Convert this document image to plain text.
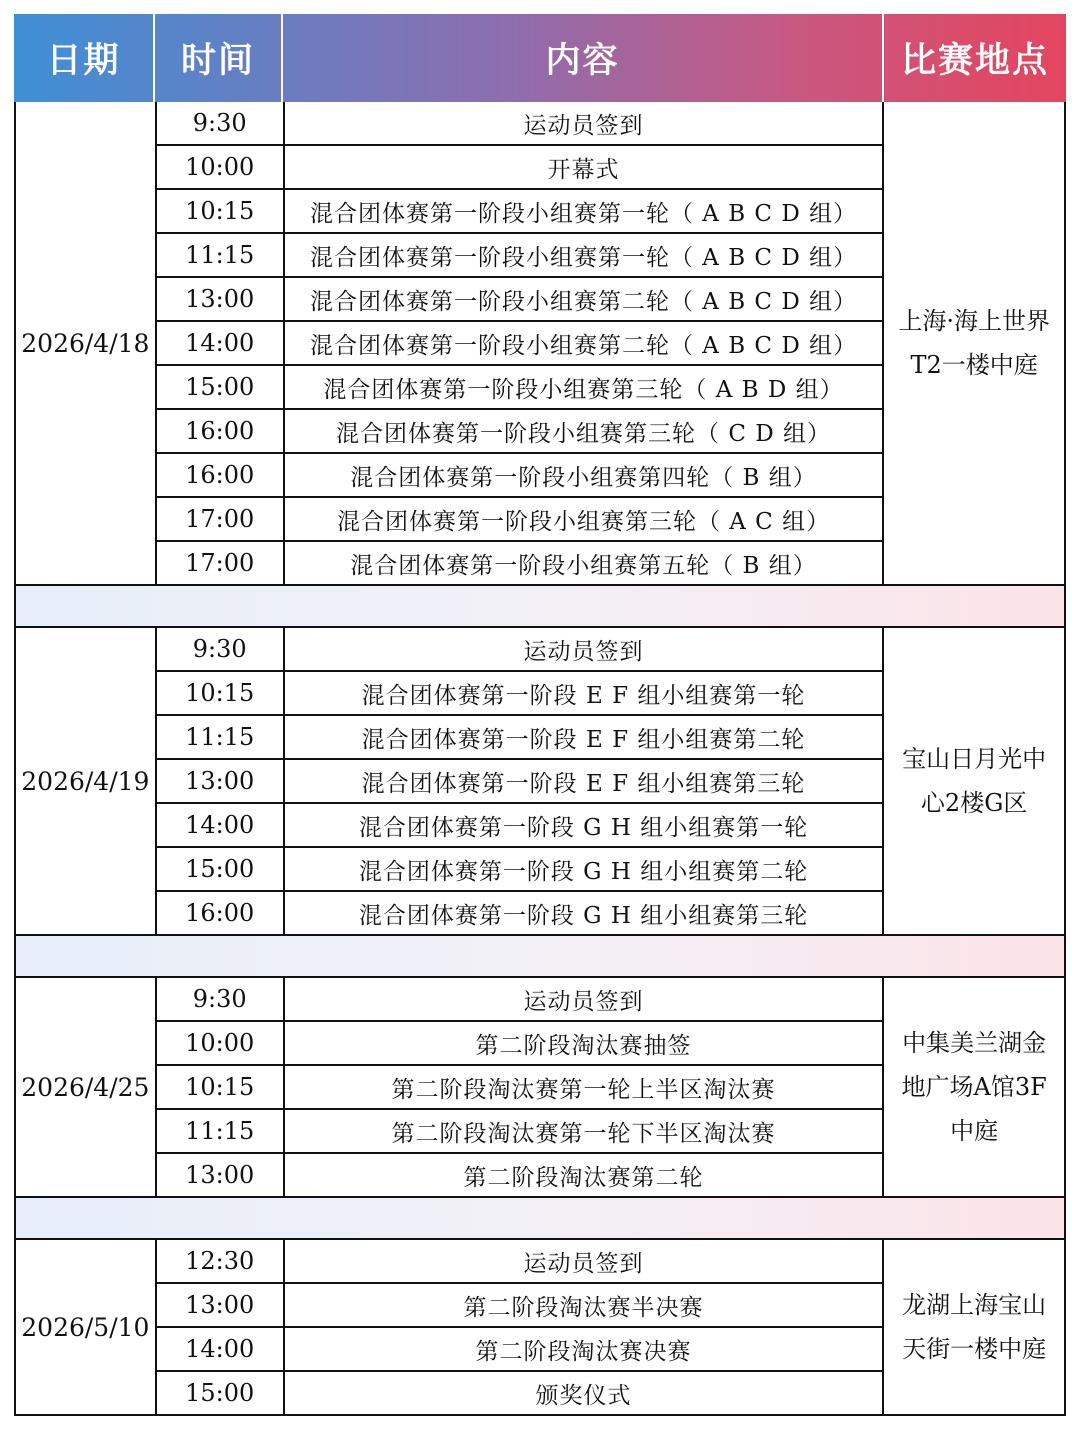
日期	时间	内容	比赛地点
2026/4/18
9:30	运动员签到
10:00	开幕式
10:15	混合团体赛第一阶段小组赛第一轮（ A B C D 组）
11:15	混合团体赛第一阶段小组赛第一轮（ A B C D 组）
13:00	混合团体赛第一阶段小组赛第二轮（ A B C D 组）
14:00	混合团体赛第一阶段小组赛第二轮（ A B C D 组）
15:00	混合团体赛第一阶段小组赛第三轮（ A B D 组）
16:00	混合团体赛第一阶段小组赛第三轮（ C D 组）
16:00	混合团体赛第一阶段小组赛第四轮（ B 组）
17:00	混合团体赛第一阶段小组赛第三轮（ A C 组）
17:00	混合团体赛第一阶段小组赛第五轮（ B 组）
上海·海上世界
T2一楼中庭
2026/4/19
9:30	运动员签到
10:15	混合团体赛第一阶段 E F 组小组赛第一轮
11:15	混合团体赛第一阶段 E F 组小组赛第二轮
13:00	混合团体赛第一阶段 E F 组小组赛第三轮
14:00	混合团体赛第一阶段 G H 组小组赛第一轮
15:00	混合团体赛第一阶段 G H 组小组赛第二轮
16:00	混合团体赛第一阶段 G H 组小组赛第三轮
宝山日月光中
心2楼G区
2026/4/25
9:30	运动员签到
10:00	第二阶段淘汰赛抽签
10:15	第二阶段淘汰赛第一轮上半区淘汰赛
11:15	第二阶段淘汰赛第一轮下半区淘汰赛
13:00	第二阶段淘汰赛第二轮
中集美兰湖金
地广场A馆3F
中庭
2026/5/10
12:30	运动员签到
13:00	第二阶段淘汰赛半决赛
14:00	第二阶段淘汰赛决赛
15:00	颁奖仪式
龙湖上海宝山
天街一楼中庭
